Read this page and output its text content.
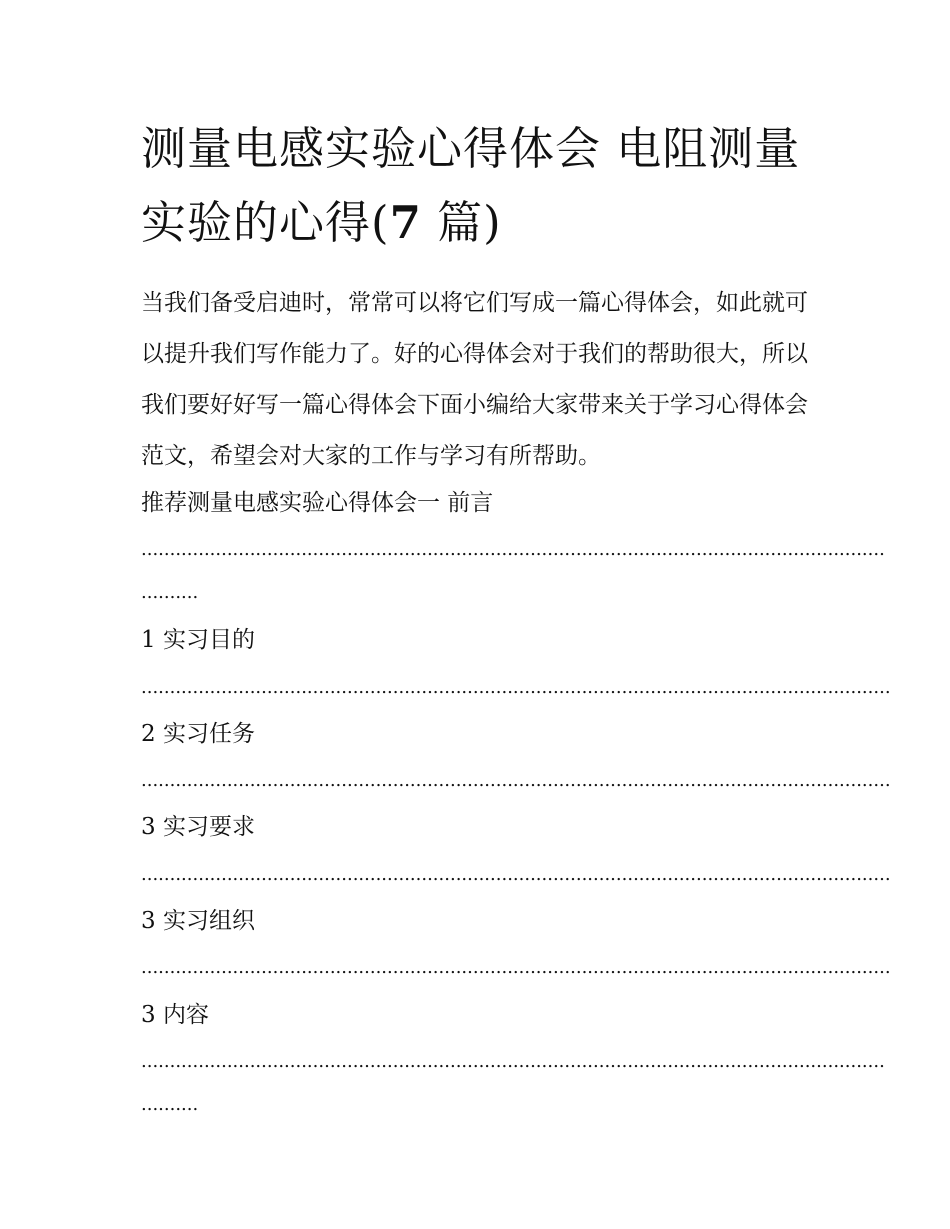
测量电感实验心得体会 电阻测量实验的心得(7 篇)

当我们备受启迪时，常常可以将它们写成一篇心得体会，如此就可以提升我们写作能力了。好的心得体会对于我们的帮助很大，所以我们要好好写一篇心得体会下面小编给大家带来关于学习心得体会范文，希望会对大家的工作与学习有所帮助。

推荐测量电感实验心得体会一 前言

..................................................................................................................................

..........

1 实习目的

...................................................................................................................................

2 实习任务

...................................................................................................................................

3 实习要求

...................................................................................................................................

3 实习组织

...................................................................................................................................

3 内容

..................................................................................................................................

..........
